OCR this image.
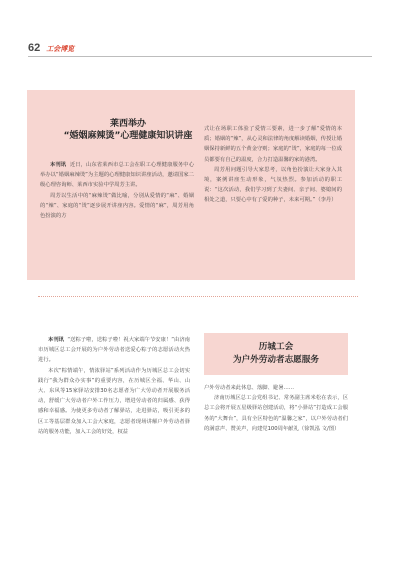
62 工会博览
莱西举办
“婚姻麻辣烫”心理健康知识讲座

本刊讯 近日，山东省莱西市总工会在职工心理健康服务中心举办以“婚姻麻辣烫”为主题的心理健康知识讲座活动，邀请国家二级心理咨询师、莱西市实验中学周芳主讲。

周芳以生活中的“麻辣烫”做比喻，分别从爱情的“麻”、婚姻的“辣”、家庭的“烫”逐步展开讲座内容。爱情的“麻”，周芳用角色扮演的方

式让在场职工体验了爱情三要素，进一步了解“爱情的本质；婚姻的“辣”，从心灵和法律的角度解读婚姻，传授让婚姻保持新鲜的五个黄金守则；家庭的“烫”，家庭的每一位成员都要有自己的温度，合力打造温馨的家的港湾。

周芳用问题引导大家思考，以角色扮演让大家身入其境，案例讲座生动形象，气氛热烈。参加活动的职工说：“这次活动，我们学习到了夫妻间、亲子间、婆媳间的相处之道，只要心中有了爱的种子，未来可期。”（李丹）

本刊讯 “送粽子啦，送粽子啦！祝大家端午节安康！”由济南市历城区总工会开展的为户外劳动者送爱心粽子的志愿活动火热进行。

本次“粽情端午，情浓驿站”系列活动作为历城区总工会切实践行“我为群众办实事”的重要内容，在历城区全福、华山、山大、东风等15家驿站安排30名志愿者为广大劳动者开展服务活动，舒缓广大劳动者户外工作压力，增进劳动者的归属感、获得感和幸福感。为使更多劳动者了解驿站，走进驿站，吸引更多的区工等基层群众加入工会大家庭，志愿者现场讲解户外劳动者驿站的服务功能，加入工会的好处，权益

历城工会
为户外劳动者志愿服务

户外劳动者来此休息、落脚、避暑……

济南历城区总工会党组书记、常务副主席米松在表示，区总工会将开展五星级驿站创建活动，将“小驿站”打造成工会服务的“大舞台”，具有全区特色的“温馨之家”，以户外劳动者们的满意声、赞美声，向建党100周年献礼（徐凯泓 文/图）
